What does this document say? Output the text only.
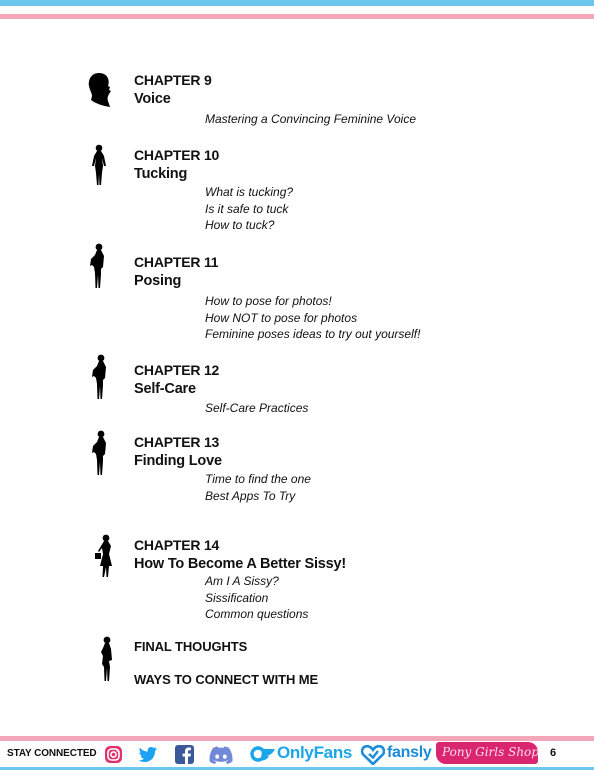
CHAPTER 9
Voice
Mastering a Convincing Feminine Voice
CHAPTER 10
Tucking
What is tucking?
Is it safe to tuck
How to tuck?
CHAPTER 11
Posing
How to pose for photos!
How NOT to pose for photos
Feminine poses ideas to try out yourself!
CHAPTER 12
Self-Care
Self-Care Practices
CHAPTER 13
Finding Love
Time to find the one
Best Apps To Try
CHAPTER 14
How To Become A Better Sissy!
Am I A Sissy?
Sissification
Common questions
FINAL THOUGHTS
WAYS TO CONNECT WITH ME
STAY CONNECTED	OnlyFans fansly Pony Girls Shop 6
